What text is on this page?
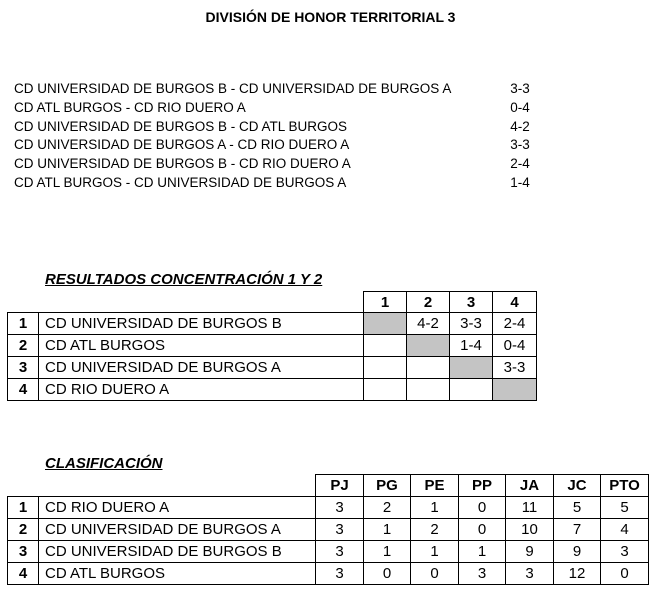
DIVISIÓN DE HONOR TERRITORIAL 3
CD UNIVERSIDAD DE BURGOS B - CD UNIVERSIDAD DE BURGOS A	3-3
CD ATL BURGOS - CD RIO DUERO A	0-4
CD UNIVERSIDAD DE BURGOS B - CD ATL BURGOS	4-2
CD UNIVERSIDAD DE BURGOS A - CD RIO DUERO A	3-3
CD UNIVERSIDAD DE BURGOS B - CD RIO DUERO A	2-4
CD ATL BURGOS - CD UNIVERSIDAD DE BURGOS A	1-4
RESULTADOS CONCENTRACIÓN 1 Y 2
		1	2	3	4
1	CD UNIVERSIDAD DE BURGOS B		4-2	3-3	2-4
2	CD ATL BURGOS			1-4	0-4
3	CD UNIVERSIDAD DE BURGOS A				3-3
4	CD RIO DUERO A				
CLASIFICACIÓN
		PJ	PG	PE	PP	JA	JC	PTO
1	CD RIO DUERO A	3	2	1	0	11	5	5
2	CD UNIVERSIDAD DE BURGOS A	3	1	2	0	10	7	4
3	CD UNIVERSIDAD DE BURGOS B	3	1	1	1	9	9	3
4	CD ATL BURGOS	3	0	0	3	3	12	0
